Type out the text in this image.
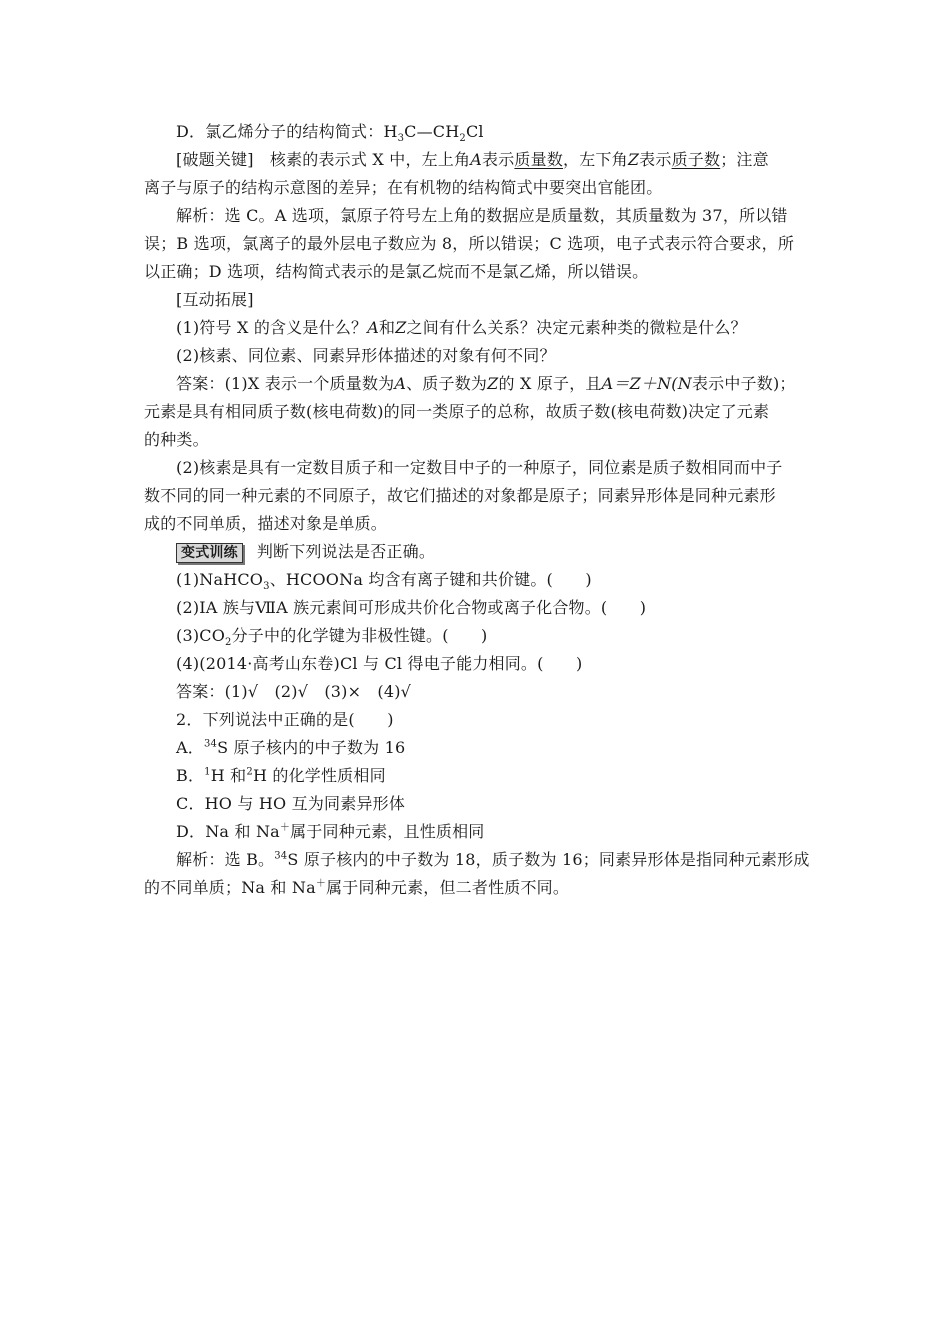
D．氯乙烯分子的结构简式：$H_3C—CH_2Cl$
[破题关键]　核素的表示式 X 中，左上角A表示质量数，左下角Z表示质子数；注意
离子与原子的结构示意图的差异；在有机物的结构简式中要突出官能团。
解析：选 C。A 选项，氯原子符号左上角的数据应是质量数，其质量数为 37，所以错
误；B 选项，氯离子的最外层电子数应为 8，所以错误；C 选项，电子式表示符合要求，所
以正确；D 选项，结构简式表示的是氯乙烷而不是氯乙烯，所以错误。
[互动拓展]
(1)符号 X 的含义是什么？A和Z之间有什么关系？决定元素种类的微粒是什么？
(2)核素、同位素、同素异形体描述的对象有何不同？
答案：(1)X 表示一个质量数为A、质子数为Z的 X 原子，且A＝Z＋N(N表示中子数)；
元素是具有相同质子数(核电荷数)的同一类原子的总称，故质子数(核电荷数)决定了元素
的种类。
(2)核素是具有一定数目质子和一定数目中子的一种原子，同位素是质子数相同而中子
数不同的同一种元素的不同原子，故它们描述的对象都是原子；同素异形体是同种元素形
成的不同单质，描述对象是单质。
变式训练 判断下列说法是否正确。
(1)NaHCO$_3$、HCOONa 均含有离子键和共价键。(　　)
(2)ⅠA 族与ⅦA 族元素间可形成共价化合物或离子化合物。(　　)
$(3)CO_2$分子中的化学键为非极性键。(　　)
(4)(2014·高考山东卷)Cl 与 Cl 得电子能力相同。(　　)
答案：(1)√　(2)√　(3)×　(4)√
2．下列说法中正确的是(　　)
A．$^{34}$S 原子核内的中子数为 16
B．$^1$H 和$^2$H 的化学性质相同
C．HO 与 HO 互为同素异形体
D．Na 和 Na＋属于同种元素，且性质相同
解析：选 B。$^{34}$S 原子核内的中子数为 18，质子数为 16；同素异形体是指同种元素形成
的不同单质；Na 和 Na＋属于同种元素，但二者性质不同。
